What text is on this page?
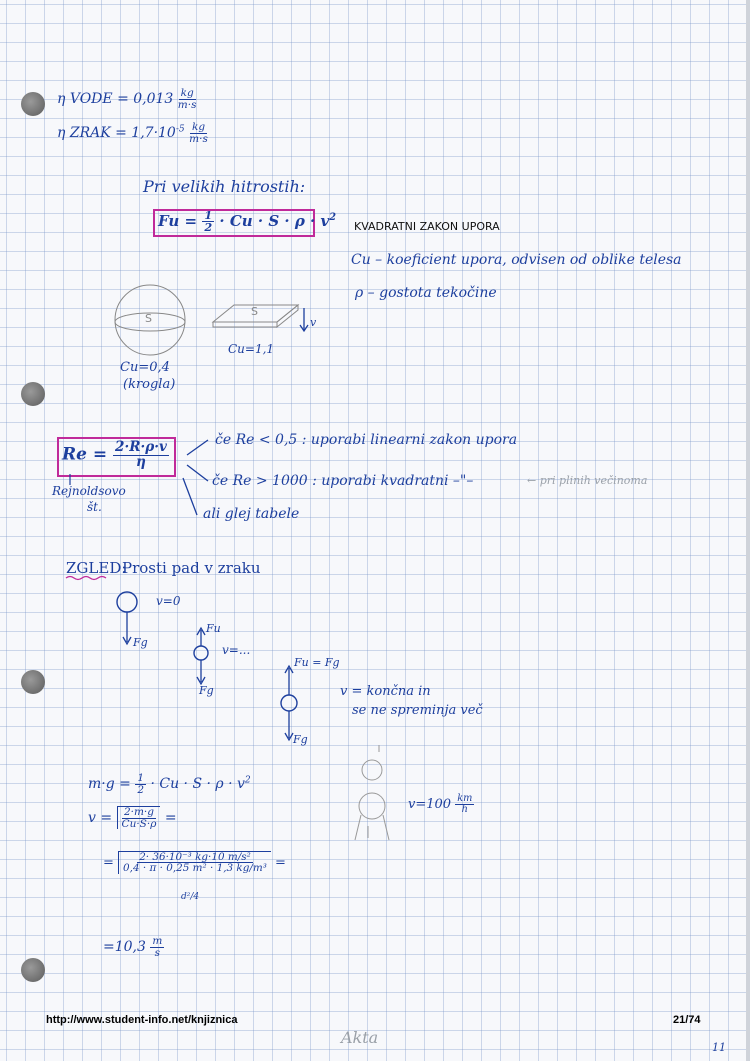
η VODE = $0,013 \frac{kg}{m\cdot s}$
η ZRAK = $1,7\cdot 10^{-5} \frac{kg}{m\cdot s}$
Pri velikih hitrostih:
$Fu = \frac{1}{2} \cdot Cu \cdot S \cdot \rho \cdot v^2$
KVADRATNI ZAKON UPORA
Cu – koeficient upora, odvisen od oblike telesa
ρ – gostota tekočine
S
S
v
Cu=1,1
Cu=0,4
(krogla)
$Re = \frac{2\cdot R\cdot\rho\cdot v}{\eta}$
Rejnoldsovo
št.
če Re < 0,5 : uporabi linearni zakon upora
če Re > 1000 : uporabi kvadratni –"–	← pri plinih večinoma
ali glej tabele
ZGLED:
Prosti pad v zraku
v=0
Fg
Fu
v=...
Fg
Fu = Fg
Fg
v = končna in
se ne spreminja več
$m\cdot g = \frac{1}{2} \cdot Cu \cdot S \cdot \rho \cdot v^2$
$v = \frac{2\cdot m\cdot g}{Cu\cdot S\cdot\rho}$ =
= $\frac{\text{2· 36·10⁻³ kg·10 m/s²}}{\text{0,4 · π · 0,25 m² · 1,3 kg/m³}}$ =
d²/4
$=10,3 \frac{m}{s}$
$v=100 \frac{km}{h}$
http://www.student-info.net/knjiznica	21/74
Akta
11
